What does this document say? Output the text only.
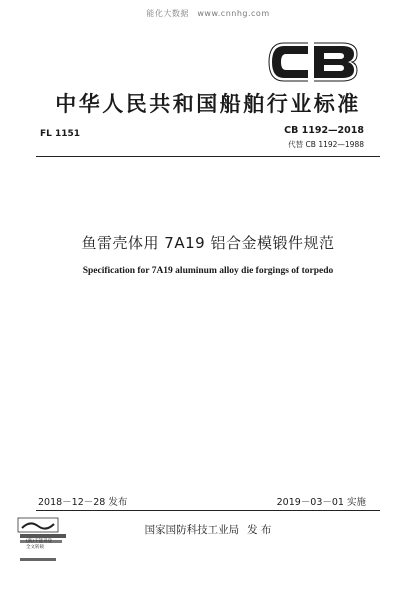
能化大数据　www.cnnhg.com
中华人民共和国船舶行业标准
FL 1151	CB 1192—2018
代替 CB 1192—1988
鱼雷壳体用 7A19 铝合金模锻件规范
Specification for 7A19 aluminum alloy die forgings of torpedo
2018－12－28 发布	2019－03－01 实施
(新)不能刊登
全文转载
国家国防科技工业局 发 布
